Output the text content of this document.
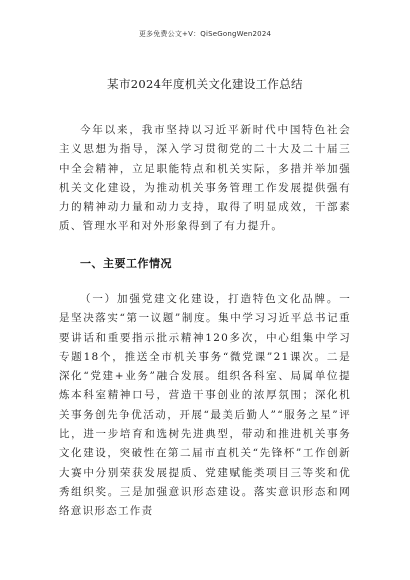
更多免费公文+V：QiSeGongWen2024
某市2024年度机关文化建设工作总结

今年以来，我市坚持以习近平新时代中国特色社会主义思想为指导，深入学习贯彻党的二十大及二十届三中全会精神，立足职能特点和机关实际，多措并举加强机关文化建设，为推动机关事务管理工作发展提供强有力的精神动力量和动力支持，取得了明显成效，干部素质、管理水平和对外形象得到了有力提升。

一、主要工作情况

（一）加强党建文化建设，打造特色文化品牌。一是坚决落实“第一议题”制度。集中学习习近平总书记重要讲话和重要指示批示精神120多次，中心组集中学习专题18个，推送全市机关事务“微党课”21课次。二是深化“党建+业务”融合发展。组织各科室、局属单位提炼本科室精神口号，营造干事创业的浓厚氛围；深化机关事务创先争优活动，开展“最美后勤人”“服务之星”评比，进一步培育和选树先进典型，带动和推进机关事务文化建设，突破性在第二届市直机关“先锋杯”工作创新大赛中分别荣获发展提质、党建赋能类项目三等奖和优秀组织奖。三是加强意识形态建设。落实意识形态和网络意识形态工作责
